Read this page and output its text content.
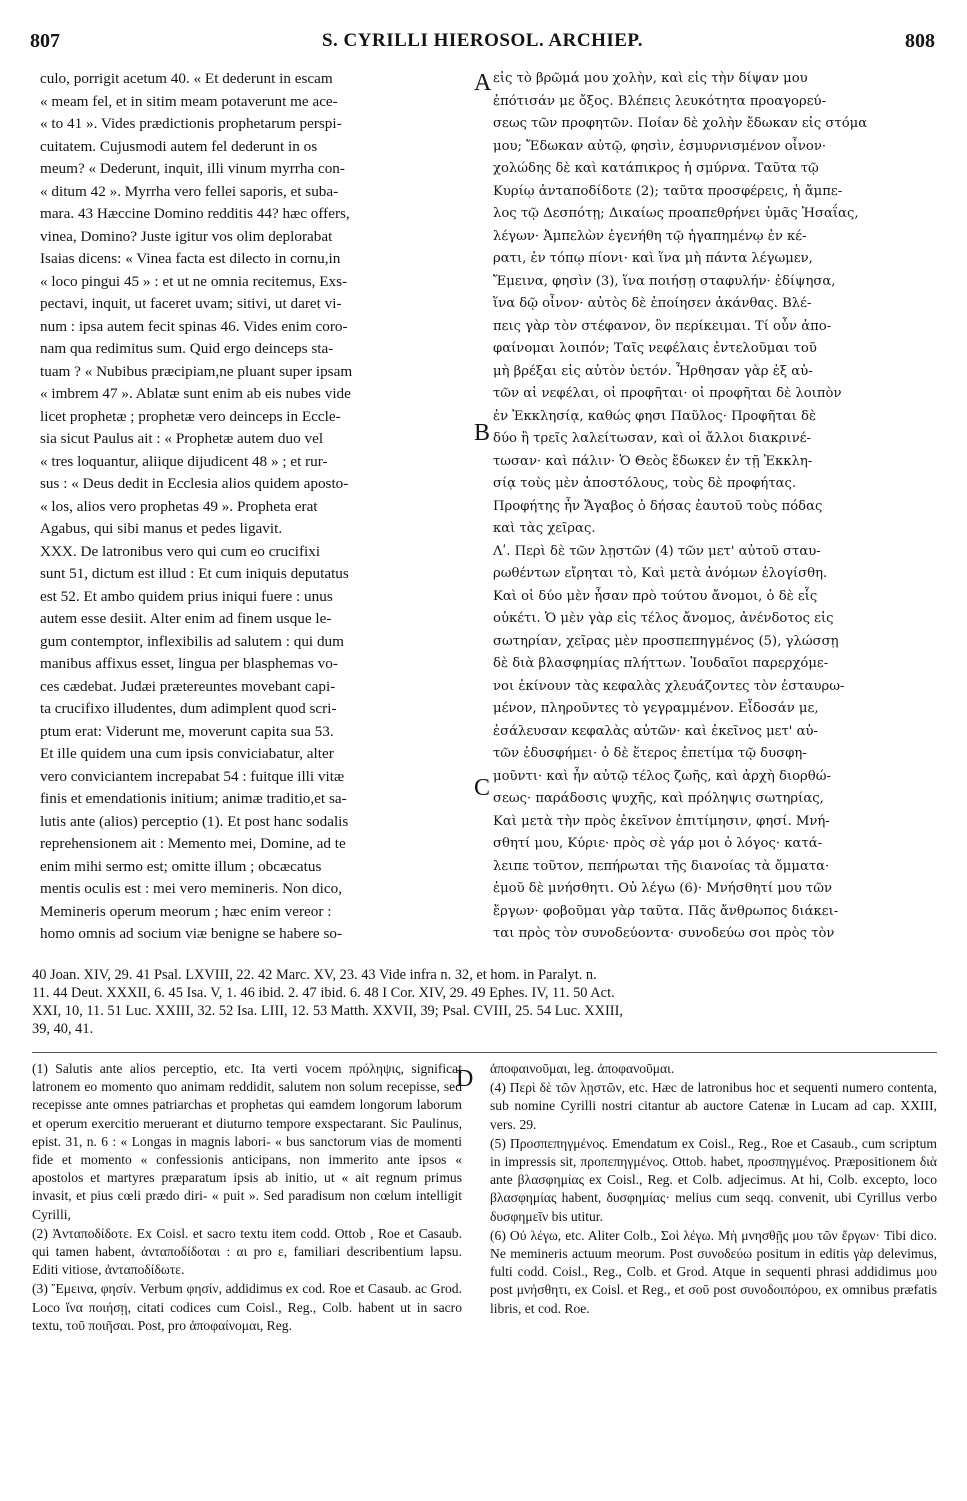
807	S. CYRILLI HIEROSOL. ARCHIEP.	808

culo, porrigit acetum 40. « Et dederunt in escam
« meam fel, et in sitim meam potaverunt me ace-
« to 41 ». Vides prædictionis prophetarum perspi-
cuitatem. Cujusmodi autem fel dederunt in os
meum? « Dederunt, inquit, illi vinum myrrha con-
« ditum 42 ». Myrrha vero fellei saporis, et suba-
mara. 43 Hæccine Domino redditis 44? hæc offers,
vinea, Domino? Juste igitur vos olim deplorabat
Isaias dicens: « Vinea facta est dilecto in cornu,in
« loco pingui 45 » : et ut ne omnia recitemus, Exs-
pectavi, inquit, ut faceret uvam; sitivi, ut daret vi-
num : ipsa autem fecit spinas 46. Vides enim coro-
nam qua redimitus sum. Quid ergo deinceps sta-
tuam ? « Nubibus præcipiam,ne pluant super ipsam
« imbrem 47 ». Ablatæ sunt enim ab eis nubes vide
licet prophetæ ; prophetæ vero deinceps in Eccle-
sia sicut Paulus ait : « Prophetæ autem duo vel
« tres loquantur, aliique dijudicent 48 » ; et rur-
sus : « Deus dedit in Ecclesia alios quidem aposto-
« los, alios vero prophetas 49 ». Propheta erat
Agabus, qui sibi manus et pedes ligavit.
XXX. De latronibus vero qui cum eo crucifixi
sunt 51, dictum est illud : Et cum iniquis deputatus
est 52. Et ambo quidem prius iniqui fuere : unus
autem esse desiit. Alter enim ad finem usque le-
gum contemptor, inflexibilis ad salutem : qui dum
manibus affixus esset, lingua per blasphemas vo-
ces cædebat. Judæi prætereuntes movebant capi-
ta crucifixo illudentes, dum adimplent quod scri-
ptum erat: Viderunt me, moverunt capita sua 53.
Et ille quidem una cum ipsis conviciabatur, alter
vero conviciantem increpabat 54 : fuitque illi vitæ
finis et emendationis initium; animæ traditio,et sa-
lutis ante (alios) perceptio (1). Et post hanc sodalis
reprehensionem ait : Memento mei, Domine, ad te
enim mihi sermo est; omitte illum ; obcæcatus
mentis oculis est : mei vero memineris. Non dico,
Memineris operum meorum ; hæc enim vereor :
homo omnis ad socium viæ benigne se habere so-

A
B
C
D

εἰς τὸ βρῶμά μου χολὴν, καὶ εἰς τὴν δίψαν μου
ἐπότισάν με ὄξος. Βλέπεις λευκότητα προαγορεύ-
σεως τῶν προφητῶν. Ποίαν δὲ χολὴν ἔδωκαν εἰς στόμα
μου; Ἔδωκαν αὐτῷ, φησὶν, ἐσμυρνισμένον οἶνον·
χολώδης δὲ καὶ κατάπικρος ἡ σμύρνα. Ταῦτα τῷ
Κυρίῳ ἀνταποδίδοτε (2); ταῦτα προσφέρεις, ἡ ἄμπε-
λος τῷ Δεσπότῃ; Δικαίως προαπεθρήνει ὑμᾶς Ἡσαΐας,
λέγων· Ἀμπελὼν ἐγενήθη τῷ ἠγαπημένῳ ἐν κέ-
ρατι, ἐν τόπῳ πίονι· καὶ ἵνα μὴ πάντα λέγωμεν,
Ἔμεινα, φησὶν (3), ἵνα ποιήσῃ σταφυλήν· ἐδίψησα,
ἵνα δῷ οἶνον· αὐτὸς δὲ ἐποίησεν ἀκάνθας. Βλέ-
πεις γὰρ τὸν στέφανον, ὃν περίκειμαι. Τί οὖν ἀπο-
φαίνομαι λοιπόν; Ταῖς νεφέλαις ἐντελοῦμαι τοῦ
μὴ βρέξαι εἰς αὐτὸν ὑετόν. Ἦρθησαν γὰρ ἐξ αὐ-
τῶν αἱ νεφέλαι, οἱ προφῆται· οἱ προφῆται δὲ λοιπὸν
ἐν Ἐκκλησίᾳ, καθώς φησι Παῦλος· Προφῆται δὲ
δύο ἢ τρεῖς λαλείτωσαν, καὶ οἱ ἄλλοι διακρινέ-
τωσαν· καὶ πάλιν· Ὁ Θεὸς ἔδωκεν ἐν τῇ Ἐκκλη-
σίᾳ τοὺς μὲν ἀποστόλους, τοὺς δὲ προφήτας.
Προφήτης ἦν Ἄγαβος ὁ δήσας ἑαυτοῦ τοὺς πόδας
καὶ τὰς χεῖρας.
Λʹ. Περὶ δὲ τῶν λῃστῶν (4) τῶν μετ' αὐτοῦ σταυ-
ρωθέντων εἴρηται τὸ, Καὶ μετὰ ἀνόμων ἐλογίσθη.
Καὶ οἱ δύο μὲν ἦσαν πρὸ τούτου ἄνομοι, ὁ δὲ εἷς
οὐκέτι. Ὁ μὲν γὰρ εἰς τέλος ἄνομος, ἀνένδοτος εἰς
σωτηρίαν, χεῖρας μὲν προσπεπηγμένος (5), γλώσσῃ
δὲ διὰ βλασφημίας πλήττων. Ἰουδαῖοι παρερχόμε-
νοι ἐκίνουν τὰς κεφαλὰς χλευάζοντες τὸν ἐσταυρω-
μένον, πληροῦντες τὸ γεγραμμένον. Εἶδοσάν με,
ἐσάλευσαν κεφαλὰς αὐτῶν· καὶ ἐκεῖνος μετ' αὐ-
τῶν ἐδυσφήμει· ὁ δὲ ἕτερος ἐπετίμα τῷ δυσφη-
μοῦντι· καὶ ἦν αὐτῷ τέλος ζωῆς, καὶ ἀρχὴ διορθώ-
σεως· παράδοσις ψυχῆς, καὶ πρόληψις σωτηρίας,
Καὶ μετὰ τὴν πρὸς ἐκεῖνον ἐπιτίμησιν, φησί. Μνή-
σθητί μου, Κύριε· πρὸς σὲ γάρ μοι ὁ λόγος· κατά-
λειπε τοῦτον, πεπήρωται τῆς διανοίας τὰ ὄμματα·
ἐμοῦ δὲ μνήσθητι. Οὐ λέγω (6)· Μνήσθητί μου τῶν
ἔργων· φοβοῦμαι γὰρ ταῦτα. Πᾶς ἄνθρωπος διάκει-
ται πρὸς τὸν συνοδεύοντα· συνοδεύω σοι πρὸς τὸν

40 Joan. XIV, 29. 41 Psal. LXVIII, 22. 42 Marc. XV, 23. 43 Vide infra n. 32, et hom. in Paralyt. n.
11. 44 Deut. XXXII, 6. 45 Isa. V, 1. 46 ibid. 2. 47 ibid. 6. 48 I Cor. XIV, 29. 49 Ephes. IV, 11. 50 Act.
XXI, 10, 11. 51 Luc. XXIII, 32. 52 Isa. LIII, 12. 53 Matth. XXVII, 39; Psal. CVIII, 25. 54 Luc. XXIII,
39, 40, 41.

(1) Salutis ante alios perceptio, etc. Ita verti vocem πρόληψις, significat latronem eo momento quo animam reddidit, salutem non solum recepisse, sed recepisse ante omnes patriarchas et prophetas qui eamdem longorum laborum et operum exercitio meruerant et diuturno tempore exspectarant. Sic Paulinus, epist. 31, n. 6 : « Longas in magnis labori- « bus sanctorum vias de momenti fide et momento « confessionis anticipans, non immerito ante ipsos « apostolos et martyres præparatum ipsis ab initio, ut « ait regnum primus invasit, et pius cœli prædo diri- « puit ». Sed paradisum non cœlum intelligit Cyrilli,

(2) Ἀνταποδίδοτε. Ex Coisl. et sacro textu item codd. Ottob , Roe et Casaub. qui tamen habent, ἀνταποδίδοται : αι pro ε, familiari describentium lapsu. Editi vitiose, ἀνταποδίδωτε.

(3) Ἔμεινα, φησίν. Verbum φησίν, addidimus ex cod. Roe et Casaub. ac Grod. Loco ἵνα ποιήσῃ, citati codices cum Coisl., Reg., Colb. habent ut in sacro textu, τοῦ ποιῆσαι. Post, pro ἀποφαίνομαι, Reg.

ἀποφαινοῦμαι, leg. ἀποφανοῦμαι.

(4) Περὶ δὲ τῶν λῃστῶν, etc. Hæc de latronibus hoc et sequenti numero contenta, sub nomine Cyrilli nostri citantur ab auctore Catenæ in Lucam ad cap. XXIII, vers. 29.

(5) Προσπεπηγμένος. Emendatum ex Coisl., Reg., Roe et Casaub., cum scriptum in impressis sit, προπεπηγμένος. Ottob. habet, προσπηγμένος. Præpositionem διὰ ante βλασφημίας ex Coisl., Reg. et Colb. adjecimus. At hi, Colb. excepto, loco βλασφημίας habent, δυσφημίας· melius cum seqq. convenit, ubi Cyrillus verbo δυσφημεῖν bis utitur.

(6) Οὐ λέγω, etc. Aliter Colb., Σοὶ λέγω. Μὴ μνησθῇς μου τῶν ἔργων· Tibi dico. Ne memineris actuum meorum. Post συνοδεύω positum in editis γὰρ delevimus, fulti codd. Coisl., Reg., Colb. et Grod. Atque in sequenti phrasi addidimus μου post μνήσθητι, ex Coisl. et Reg., et σοῦ post συνοδοιπόρου, ex omnibus præfatis libris, et cod. Roe.
